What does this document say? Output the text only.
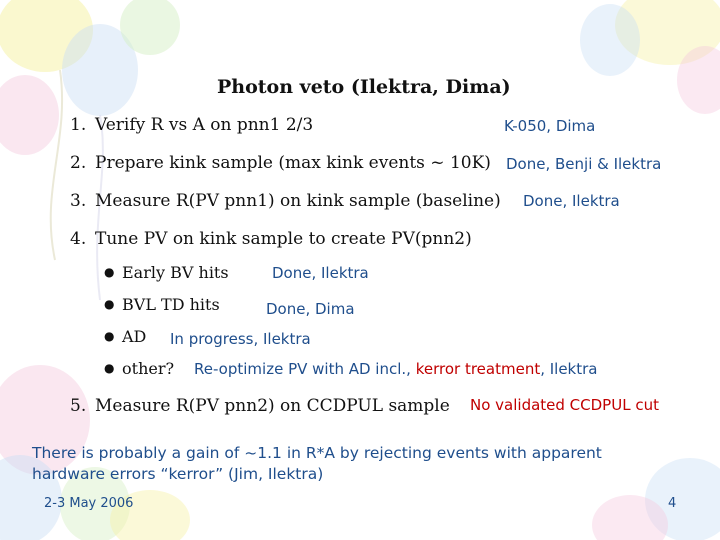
Photon veto (Ilektra, Dima)
1. Verify R vs A on pnn1 2/3	K-050, Dima
2. Prepare kink sample (max kink events ~ 10K) Done, Benji & Ilektra
3. Measure R(PV pnn1) on kink sample (baseline) Done, Ilektra
4. Tune PV on kink sample to create PV(pnn2)
● Early BV hits	Done, Ilektra
● BVL TD hits	Done, Dima
● AD In progress, Ilektra
● other? Re-optimize PV with AD incl., kerror treatment, Ilektra
5. Measure R(PV pnn2) on CCDPUL sample No validated CCDPUL cut
There is probably a gain of ~1.1 in R*A by rejecting events with apparent hardware errors “kerror” (Jim, Ilektra)
2-3 May 2006	4
